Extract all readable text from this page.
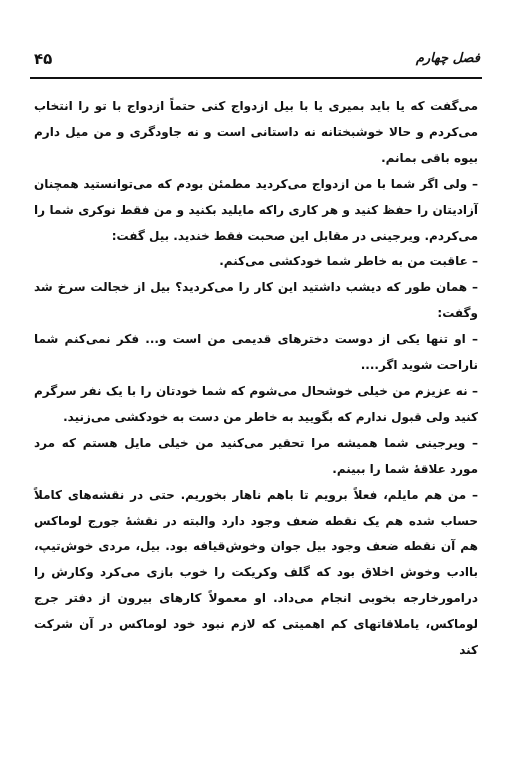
۴۵	فصل چهارم

می‌گفت که یا باید بمیری یا با بیل ازدواج کنی حتماً ازدواج با تو را انتخاب می‌کردم و حالا خوشبختانه نه داستانی است و نه جاودگری و من میل دارم بیوه باقی بمانم.

– ولی اگر شما با من ازدواج می‌کردید مطمئن بودم که می‌توانستید همچنان آزادیتان را حفظ کنید و هر کاری راکه مایلید بکنید و من فقط نوکری شما را می‌کردم. ویرجینی در مقابل این صحبت فقط خندید. بیل گفت:

– عاقبت من به خاطر شما خودکشی می‌کنم.

– همان طور که دیشب داشتید این کار را می‌کردید؟ بیل از خجالت سرخ شد وگفت:

– او تنها یکی از دوست دخترهای قدیمی من است و... فکر نمی‌کنم شما ناراحت شوید اگر....

– نه عزیزم من خیلی خوشحال می‌شوم که شما خودتان را با یک نفر سرگرم کنید ولی قبول ندارم که بگویید به خاطر من دست به خودکشی می‌زنید.

– ویرجینی شما همیشه مرا تحقیر می‌کنید من خیلی مایل هستم که مرد مورد علاقهٔ شما را ببینم.

– من هم مایلم، فعلاً برویم تا باهم ناهار بخوریم. حتی در نقشه‌های کاملاً حساب شده هم یک نقطه ضعف وجود دارد والبته در نقشهٔ جورج لوماکس هم آن نقطه ضعف وجود بیل جوان وخوش‌قیافه بود. بیل، مردی خوش‌تیپ، باادب وخوش اخلاق بود که گلف وکریکت را خوب بازی می‌کرد وکارش را درامورخارجه بخوبی انجام می‌داد. او معمولاً کارهای بیرون از دفتر جرج لوماکس، یاملاقاتهای کم اهمیتی که لازم نبود خود لوماکس در آن شرکت کند
